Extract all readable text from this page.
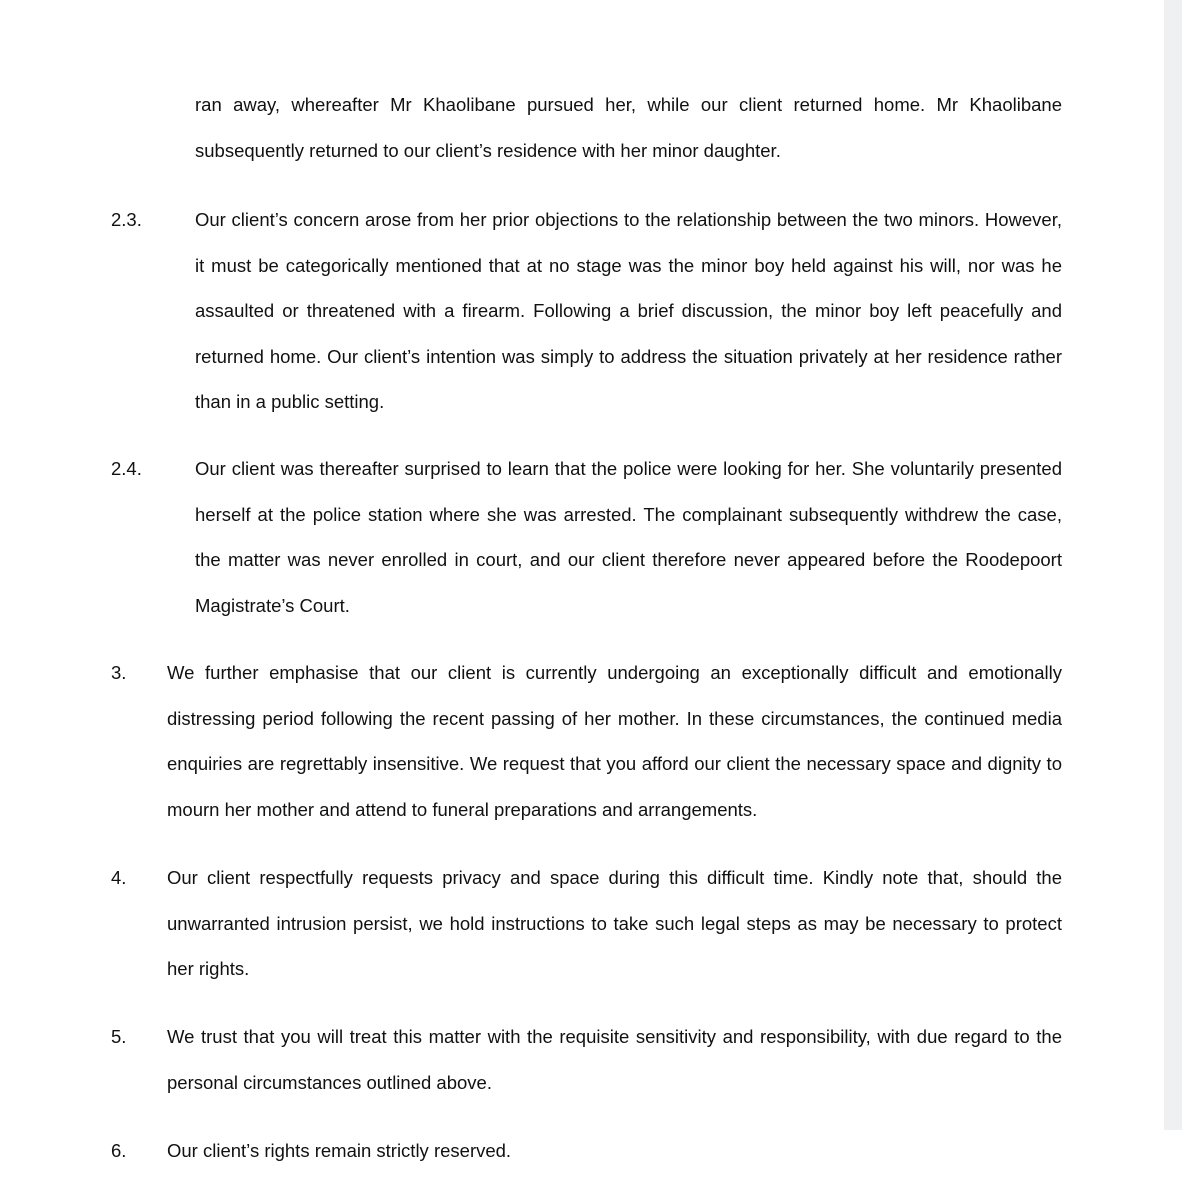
ran away, whereafter Mr Khaolibane pursued her, while our client returned home. Mr Khaolibane subsequently returned to our client’s residence with her minor daughter.

2.3.	Our client’s concern arose from her prior objections to the relationship between the two minors. However, it must be categorically mentioned that at no stage was the minor boy held against his will, nor was he assaulted or threatened with a firearm. Following a brief discussion, the minor boy left peacefully and returned home. Our client’s intention was simply to address the situation privately at her residence rather than in a public setting.

2.4.	Our client was thereafter surprised to learn that the police were looking for her. She voluntarily presented herself at the police station where she was arrested. The complainant subsequently withdrew the case, the matter was never enrolled in court, and our client therefore never appeared before the Roodepoort Magistrate’s Court.

3. We further emphasise that our client is currently undergoing an exceptionally difficult and emotionally distressing period following the recent passing of her mother. In these circumstances, the continued media enquiries are regrettably insensitive. We request that you afford our client the necessary space and dignity to mourn her mother and attend to funeral preparations and arrangements.

4. Our client respectfully requests privacy and space during this difficult time. Kindly note that, should the unwarranted intrusion persist, we hold instructions to take such legal steps as may be necessary to protect her rights.

5. We trust that you will treat this matter with the requisite sensitivity and responsibility, with due regard to the personal circumstances outlined above.

6. Our client’s rights remain strictly reserved.
